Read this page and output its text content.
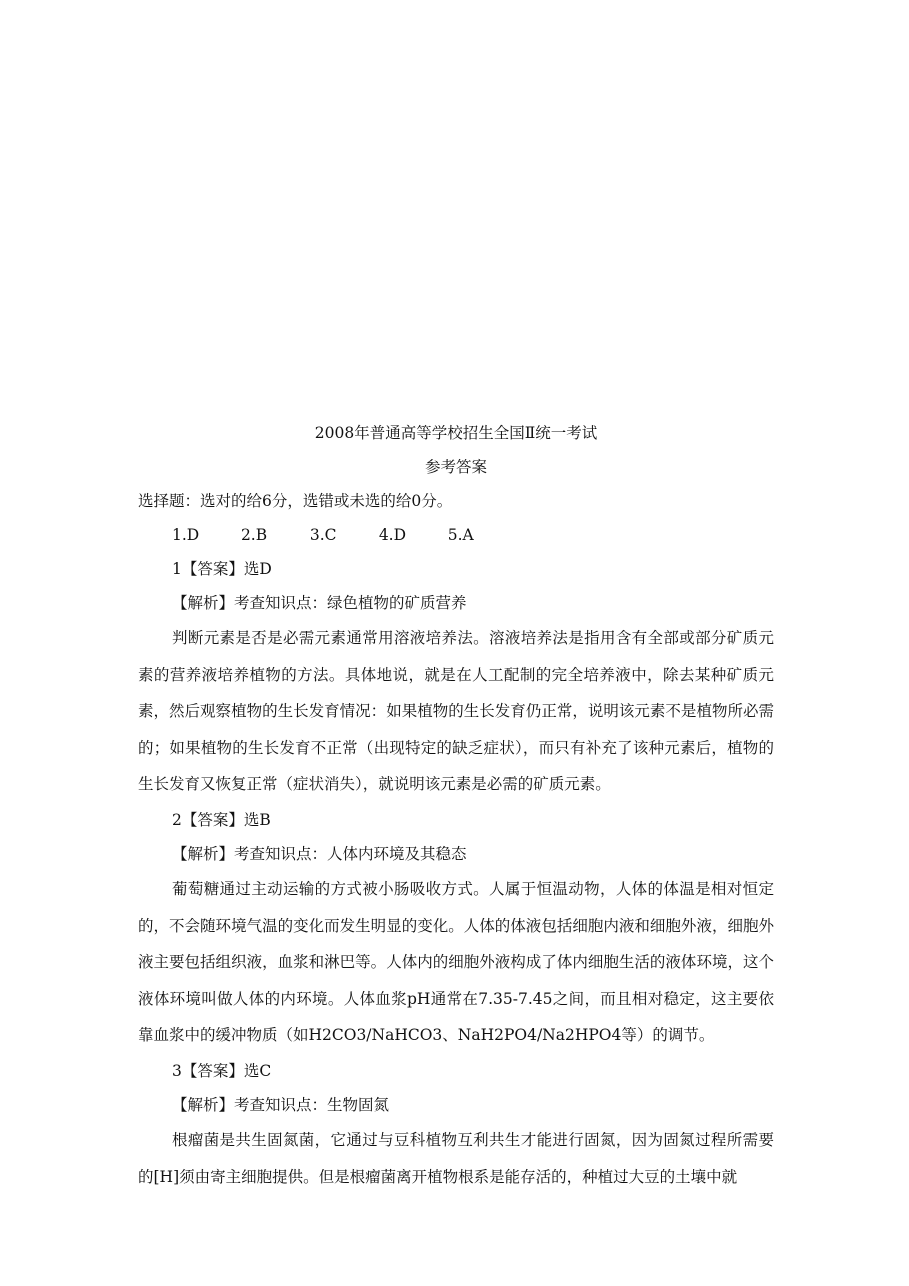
2008年普通高等学校招生全国Ⅱ统一考试
参考答案
选择题：选对的给6分，选错或未选的给0分。
1.D	2.B	3.C	4.D	5.A
1【答案】选D
【解析】考查知识点：绿色植物的矿质营养

判断元素是否是必需元素通常用溶液培养法。溶液培养法是指用含有全部或部分矿质元素的营养液培养植物的方法。具体地说，就是在人工配制的完全培养液中，除去某种矿质元素，然后观察植物的生长发育情况：如果植物的生长发育仍正常，说明该元素不是植物所必需的；如果植物的生长发育不正常（出现特定的缺乏症状），而只有补充了该种元素后，植物的生长发育又恢复正常（症状消失），就说明该元素是必需的矿质元素。

2【答案】选B
【解析】考查知识点：人体内环境及其稳态

葡萄糖通过主动运输的方式被小肠吸收方式。人属于恒温动物，人体的体温是相对恒定的，不会随环境气温的变化而发生明显的变化。人体的体液包括细胞内液和细胞外液，细胞外液主要包括组织液，血浆和淋巴等。人体内的细胞外液构成了体内细胞生活的液体环境，这个液体环境叫做人体的内环境。人体血浆pH通常在7.35-7.45之间，而且相对稳定，这主要依靠血浆中的缓冲物质（如H2CO3/NaHCO3、NaH2PO4/Na2HPO4等）的调节。

3【答案】选C
【解析】考查知识点：生物固氮

根瘤菌是共生固氮菌，它通过与豆科植物互利共生才能进行固氮，因为固氮过程所需要的[H]须由寄主细胞提供。但是根瘤菌离开植物根系是能存活的，种植过大豆的土壤中就
